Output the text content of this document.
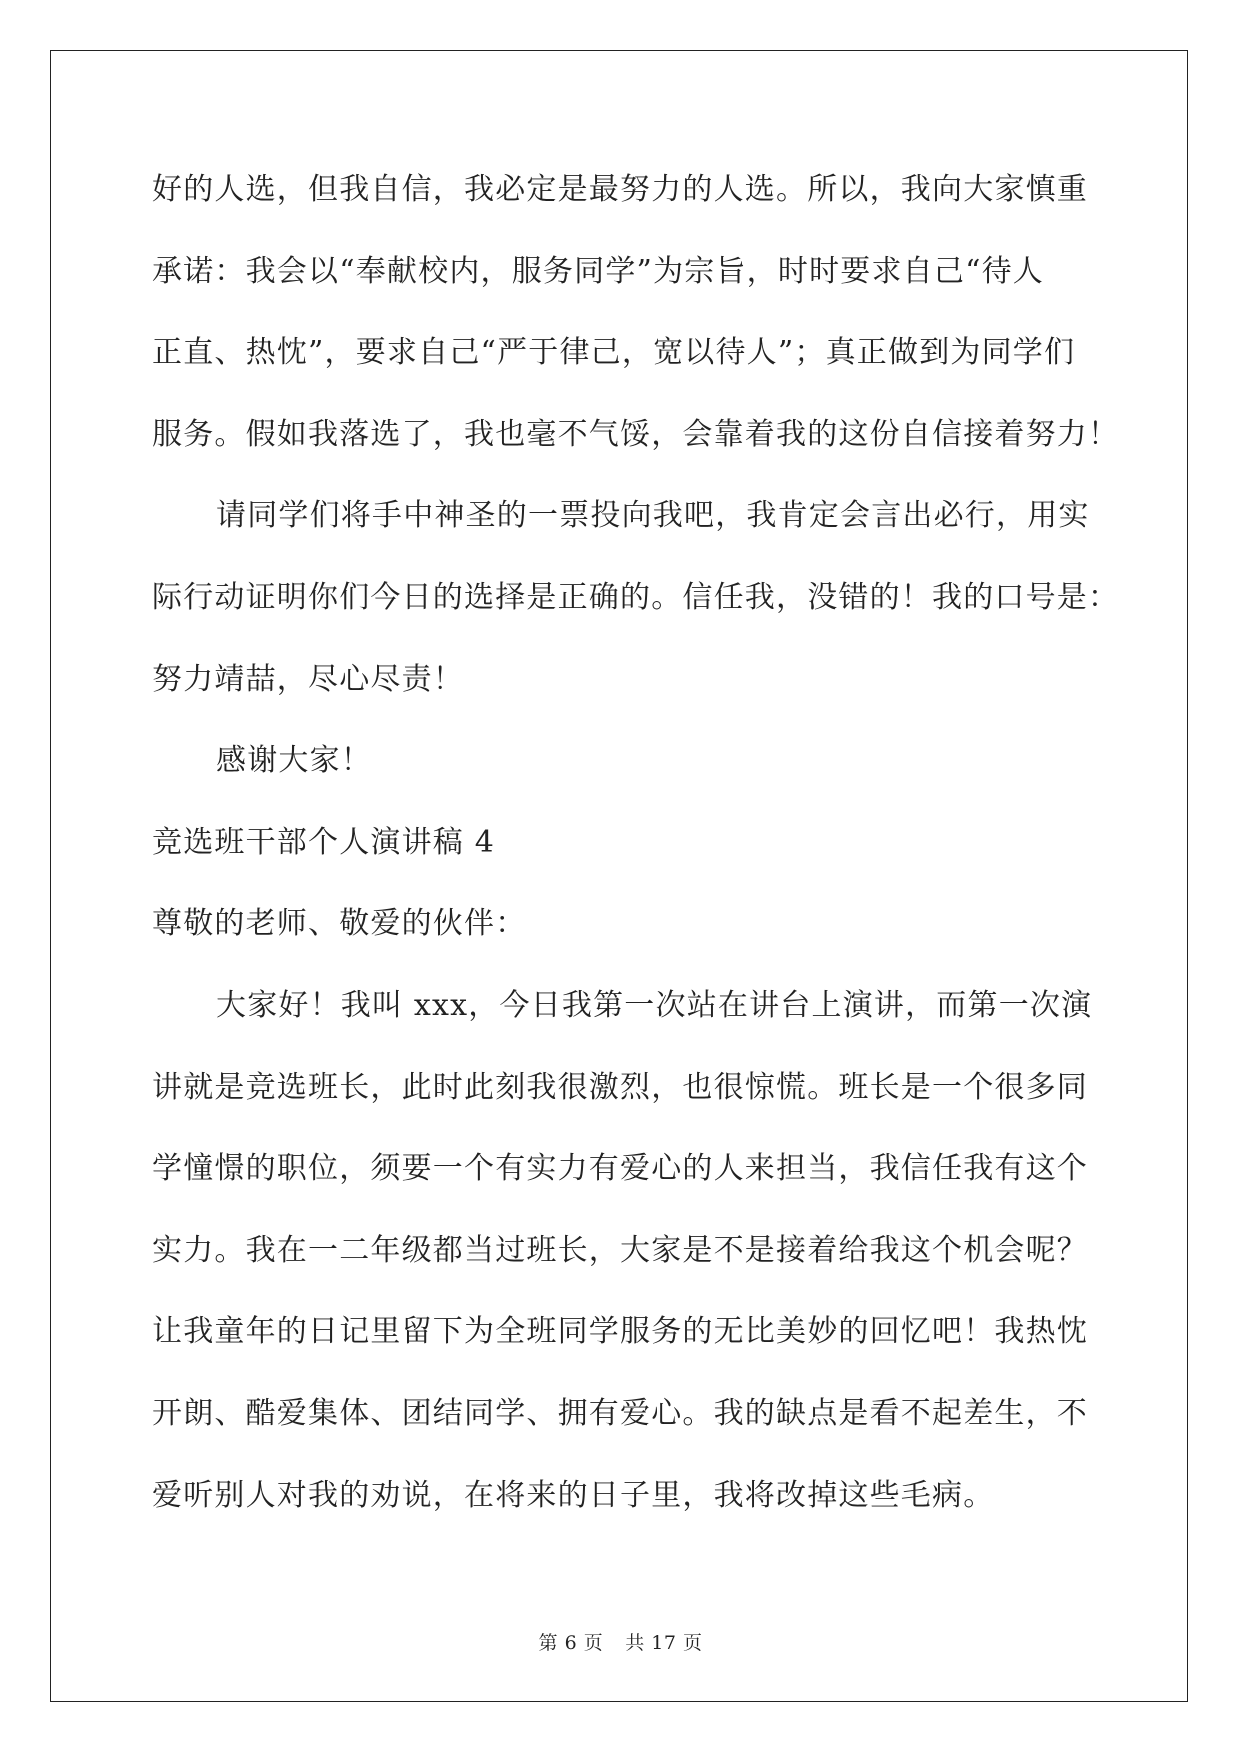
好的人选，但我自信，我必定是最努力的人选。所以，我向大家慎重
承诺：我会以“奉献校内，服务同学”为宗旨，时时要求自己“待人
正直、热忱”，要求自己“严于律己，宽以待人”；真正做到为同学们
服务。假如我落选了，我也毫不气馁，会靠着我的这份自信接着努力！
请同学们将手中神圣的一票投向我吧，我肯定会言出必行，用实
际行动证明你们今日的选择是正确的。信任我，没错的！我的口号是：
努力靖喆，尽心尽责！
感谢大家！
竞选班干部个人演讲稿 4
尊敬的老师、敬爱的伙伴：
大家好！我叫 xxx，今日我第一次站在讲台上演讲，而第一次演
讲就是竞选班长，此时此刻我很激烈，也很惊慌。班长是一个很多同
学憧憬的职位，须要一个有实力有爱心的人来担当，我信任我有这个
实力。我在一二年级都当过班长，大家是不是接着给我这个机会呢？
让我童年的日记里留下为全班同学服务的无比美妙的回忆吧！我热忱
开朗、酷爱集体、团结同学、拥有爱心。我的缺点是看不起差生，不
爱听别人对我的劝说，在将来的日子里，我将改掉这些毛病。
第 6 页 共 17 页
